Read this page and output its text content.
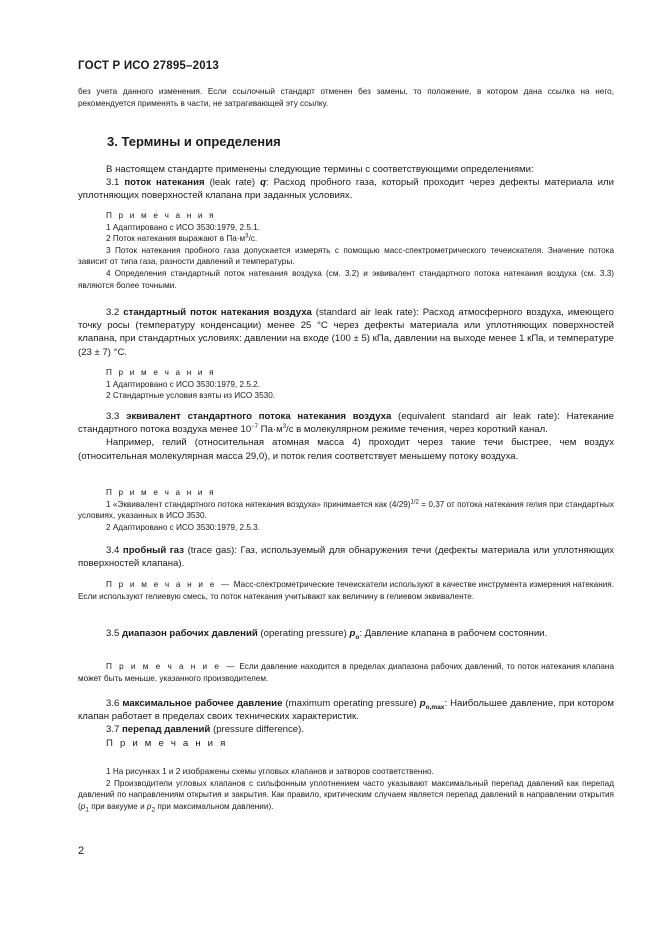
ГОСТ Р ИСО 27895–2013
без учета данного изменения. Если ссылочный стандарт отменен без замены, то положение, в котором дана ссылка на него, рекомендуется применять в части, не затрагивающей эту ссылку.
3. Термины и определения

В настоящем стандарте применены следующие термины с соответствующими определениями:

3.1 поток натекания (leak rate) q: Расход пробного газа, который проходит через дефекты материала или уплотняющих поверхностей клапана при заданных условиях.

П р и м е ч а н и я

1 Адаптировано с ИСО 3530:1979, 2.5.1.

2 Поток натекания выражают в $Па\cdot м^3/с$.

3 Поток натекания пробного газа допускается измерять с помощью масс-спектрометрического течеискателя. Значение потока зависит от типа газа, разности давлений и температуры.

4 Определения стандартный поток натекания воздуха (см. 3.2) и эквивалент стандартного потока натекания воздуха (см. 3.3) являются более точными.

3.2 стандартный поток натекания воздуха (standard air leak rate): Расход атмосферного воздуха, имеющего точку росы (температуру конденсации) менее 25 °С через дефекты материала или уплотняющих поверхностей клапана, при стандартных условиях: давлении на входе (100 ± 5) кПа, давлении на выходе менее 1 кПа, и температуре (23 ± 7) °С.

П р и м е ч а н и я

1 Адаптировано с ИСО 3530:1979, 2.5.2.

2 Стандартные условия взяты из ИСО 3530.

3.3 эквивалент стандартного потока натекания воздуха (equivalent standard air leak rate): Натекание стандартного потока воздуха менее $10^{-7}$ $Па\cdot м^3/с$ в молекулярном режиме течения, через короткий канал.

Например, гелий (относительная атомная масса 4) проходит через такие течи быстрее, чем воздух (относительная молекулярная масса 29,0), и поток гелия соответствует меньшему потоку воздуха.

П р и м е ч а н и я

1 «Эквивалент стандартного потока натекания воздуха» принимается как $(4/29)^{1/2} = 0,37$ от потока натекания гелия при стандартных условиях, указанных в ИСО 3530.

2 Адаптировано с ИСО 3530:1979, 2.5.3.

3.4 пробный газ (trace gas): Газ, используемый для обнаружения течи (дефекты материала или уплотняющих поверхностей клапана).

П р и м е ч а н и е — Масс-спектрометрические течеискатели используют в качестве инструмента измерения натекания. Если используют гелиевую смесь, то поток натекания учитывают как величину в гелиевом эквиваленте.

3.5 диапазон рабочих давлений (operating pressure) $p_o$: Давление клапана в рабочем состоянии.

П р и м е ч а н и е — Если давление находится в пределах диапазона рабочих давлений, то поток натекания клапана может быть меньше, указанного производителем.

3.6 максимальное рабочее давление (maximum operating pressure) $p_{o,max}$: Наибольшее давление, при котором клапан работает в пределах своих технических характеристик.

3.7 перепад давлений (pressure difference).

П р и м е ч а н и я

1 На рисунках 1 и 2 изображены схемы угловых клапанов и затворов соответственно.

2 Производители угловых клапанов с сильфонным уплотнением часто указывают максимальный перепад давлений как перепад давлений по направлениям открытия и закрытия. Как правило, критическим случаем является перепад давлений в направлении открытия ($p_1$ при вакууме и $p_2$ при максимальном давлении).

2
